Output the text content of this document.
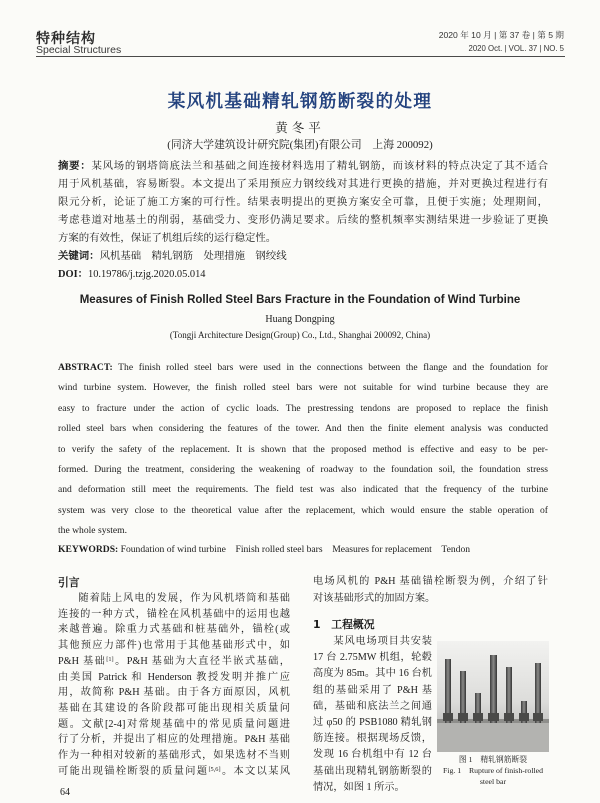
特种结构
Special Structures
2020 年 10 月 | 第 37 卷 | 第 5 期
2020 Oct. | VOL. 37 | NO. 5
某风机基础精轧钢筋断裂的处理
黄冬平
(同济大学建筑设计研究院(集团)有限公司　上海 200092)
摘要：某风场的钢塔筒底法兰和基础之间连接材料选用了精轧钢筋，而该材料的特点决定了其不适合
用于风机基础，容易断裂。本文提出了采用预应力钢绞线对其进行更换的措施，并对更换过程进行有
限元分析，论证了施工方案的可行性。结果表明提出的更换方案安全可靠，且便于实施；处理期间，
考虑巷道对地基土的削弱，基础受力、变形仍满足要求。后续的整机频率实测结果进一步验证了更换
方案的有效性，保证了机组后续的运行稳定性。
关键词：风机基础　精轧钢筋　处理措施　钢绞线
DOI：10.19786/j.tzjg.2020.05.014
Measures of Finish Rolled Steel Bars Fracture in the Foundation of Wind Turbine
Huang Dongping
(Tongji Architecture Design(Group) Co., Ltd., Shanghai 200092, China)
ABSTRACT: The finish rolled steel bars were used in the connections between the flange and the foundation for
wind turbine system. However, the finish rolled steel bars were not suitable for wind turbine because they are
easy to fracture under the action of cyclic loads. The prestressing tendons are proposed to replace the finish
rolled steel bars when considering the features of the tower. And then the finite element analysis was conducted
to verify the safety of the replacement. It is shown that the proposed method is effective and easy to be per-
formed. During the treatment, considering the weakening of roadway to the foundation soil, the foundation stress
and deformation still meet the requirements. The field test was also indicated that the frequency of the turbine
system was very close to the theoretical value after the replacement, which would ensure the stable operation of
the whole system.
KEYWORDS: Foundation of wind turbine　Finish rolled steel bars　Measures for replacement　Tendon
引言
随着陆上风电的发展，作为风机塔筒和基础
连接的一种方式，锚栓在风机基础中的运用也越
来越普遍。除重力式基础和桩基础外，锚栓(或
其他预应力部件)也常用于其他基础形式中，如
P&H 基础[1]。P&H 基础为大直径半嵌式基础，
由美国 Patrick 和 Henderson 教授发明并推广应
用，故简称 P&H 基础。由于各方面原因，风机
基础在其建设的各阶段都可能出现相关质量问
题。文献[2-4]对常规基础中的常见质量问题进
行了分析，并提出了相应的处理措施。P&H 基础
作为一种相对较新的基础形式，如果选材不当则
可能出现锚栓断裂的质量问题[5,6]。本文以某风
电场风机的 P&H 基础锚栓断裂为例，介绍了针
对该基础形式的加固方案。
1　工程概况
某风电场项目共安装
17 台 2.75MW 机组，轮毂
高度为 85m。其中 16 台机
组的基础采用了 P&H 基
础，基础和底法兰之间通
过 φ50 的 PSB1080 精轧钢
筋连接。根据现场反馈，
发现 16 台机组中有 12 台
基础出现精轧钢筋断裂的
情况，如图 1 所示。
图 1　精轧钢筋断裂
Fig. 1　Rupture of finish-rolled
steel bar
64
